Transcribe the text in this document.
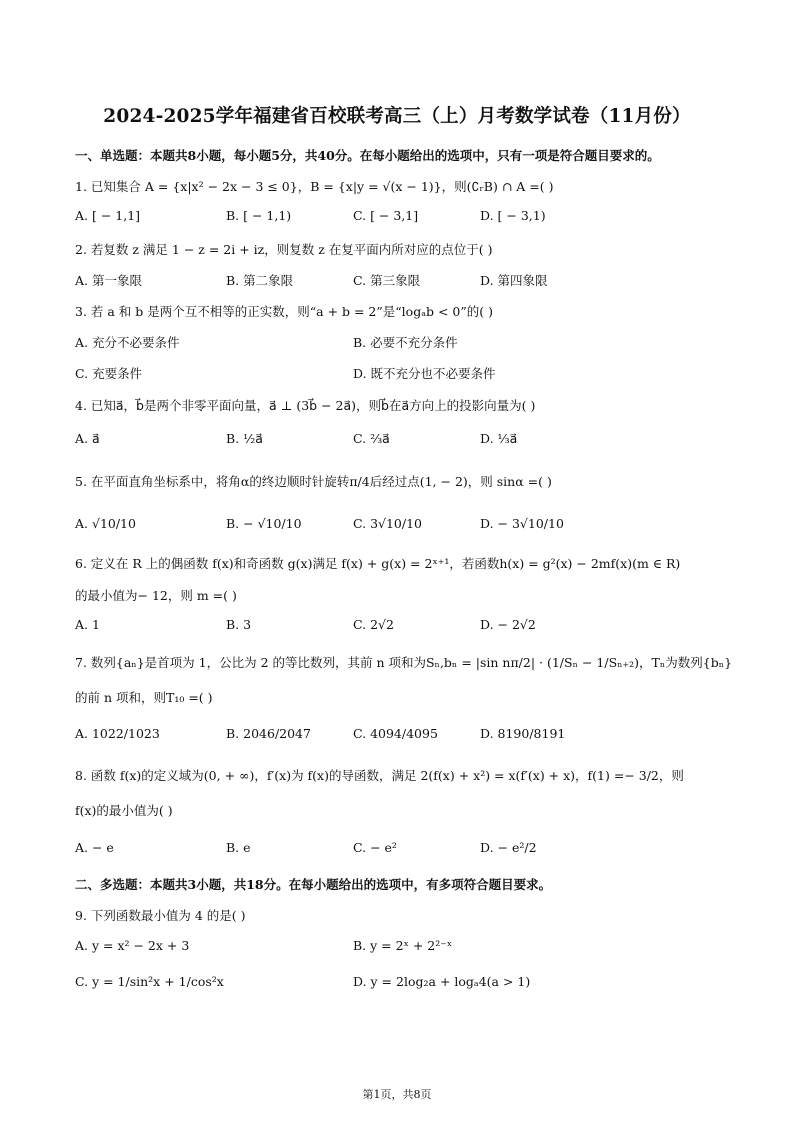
2024-2025学年福建省百校联考高三（上）月考数学试卷（11月份）
一、单选题：本题共8小题，每小题5分，共40分。在每小题给出的选项中，只有一项是符合题目要求的。
1. 已知集合 A = {x|x² − 2x − 3 ≤ 0}，B = {x|y = √(x − 1)}，则(∁ᵣB) ∩ A =( )
A. [ − 1,1]	B. [ − 1,1)	C. [ − 3,1]	D. [ − 3,1)
2. 若复数 z 满足 1 − z = 2i + iz，则复数 z 在复平面内所对应的点位于( )
A. 第一象限	B. 第二象限	C. 第三象限	D. 第四象限
3. 若 a 和 b 是两个互不相等的正实数，则“a + b = 2”是“logₐb < 0”的( )
A. 充分不必要条件	B. 必要不充分条件
C. 充要条件	D. 既不充分也不必要条件
4. 已知a⃗，b⃗是两个非零平面向量，a⃗ ⊥ (3b⃗ − 2a⃗)，则b⃗在a⃗方向上的投影向量为( )
A. a⃗	B. ½a⃗	C. ⅔a⃗	D. ⅓a⃗
5. 在平面直角坐标系中，将角α的终边顺时针旋转π/4后经过点(1, − 2)，则 sinα =( )
A. √10/10	B. − √10/10	C. 3√10/10	D. − 3√10/10
6. 定义在 R 上的偶函数 f(x)和奇函数 g(x)满足 f(x) + g(x) = 2ˣ⁺¹，若函数h(x) = g²(x) − 2mf(x)(m ∈ R)
的最小值为− 12，则 m =( )
A. 1	B. 3	C. 2√2	D. − 2√2
7. 数列{aₙ}是首项为 1，公比为 2 的等比数列，其前 n 项和为Sₙ,bₙ = |sin nπ/2| · (1/Sₙ − 1/Sₙ₊₂)，Tₙ为数列{bₙ}
的前 n 项和，则T₁₀ =( )
A. 1022/1023	B. 2046/2047	C. 4094/4095	D. 8190/8191
8. 函数 f(x)的定义域为(0, + ∞)，f′(x)为 f(x)的导函数，满足 2(f(x) + x²) = x(f′(x) + x)，f(1) =− 3/2，则
f(x)的最小值为( )
A. − e	B. e	C. − e²	D. − e²/2
二、多选题：本题共3小题，共18分。在每小题给出的选项中，有多项符合题目要求。
9. 下列函数最小值为 4 的是( )
A. y = x² − 2x + 3	B. y = 2ˣ + 2²⁻ˣ
C. y = 1/sin²x + 1/cos²x	D. y = 2log₂a + logₐ4(a > 1)
第1页，共8页
